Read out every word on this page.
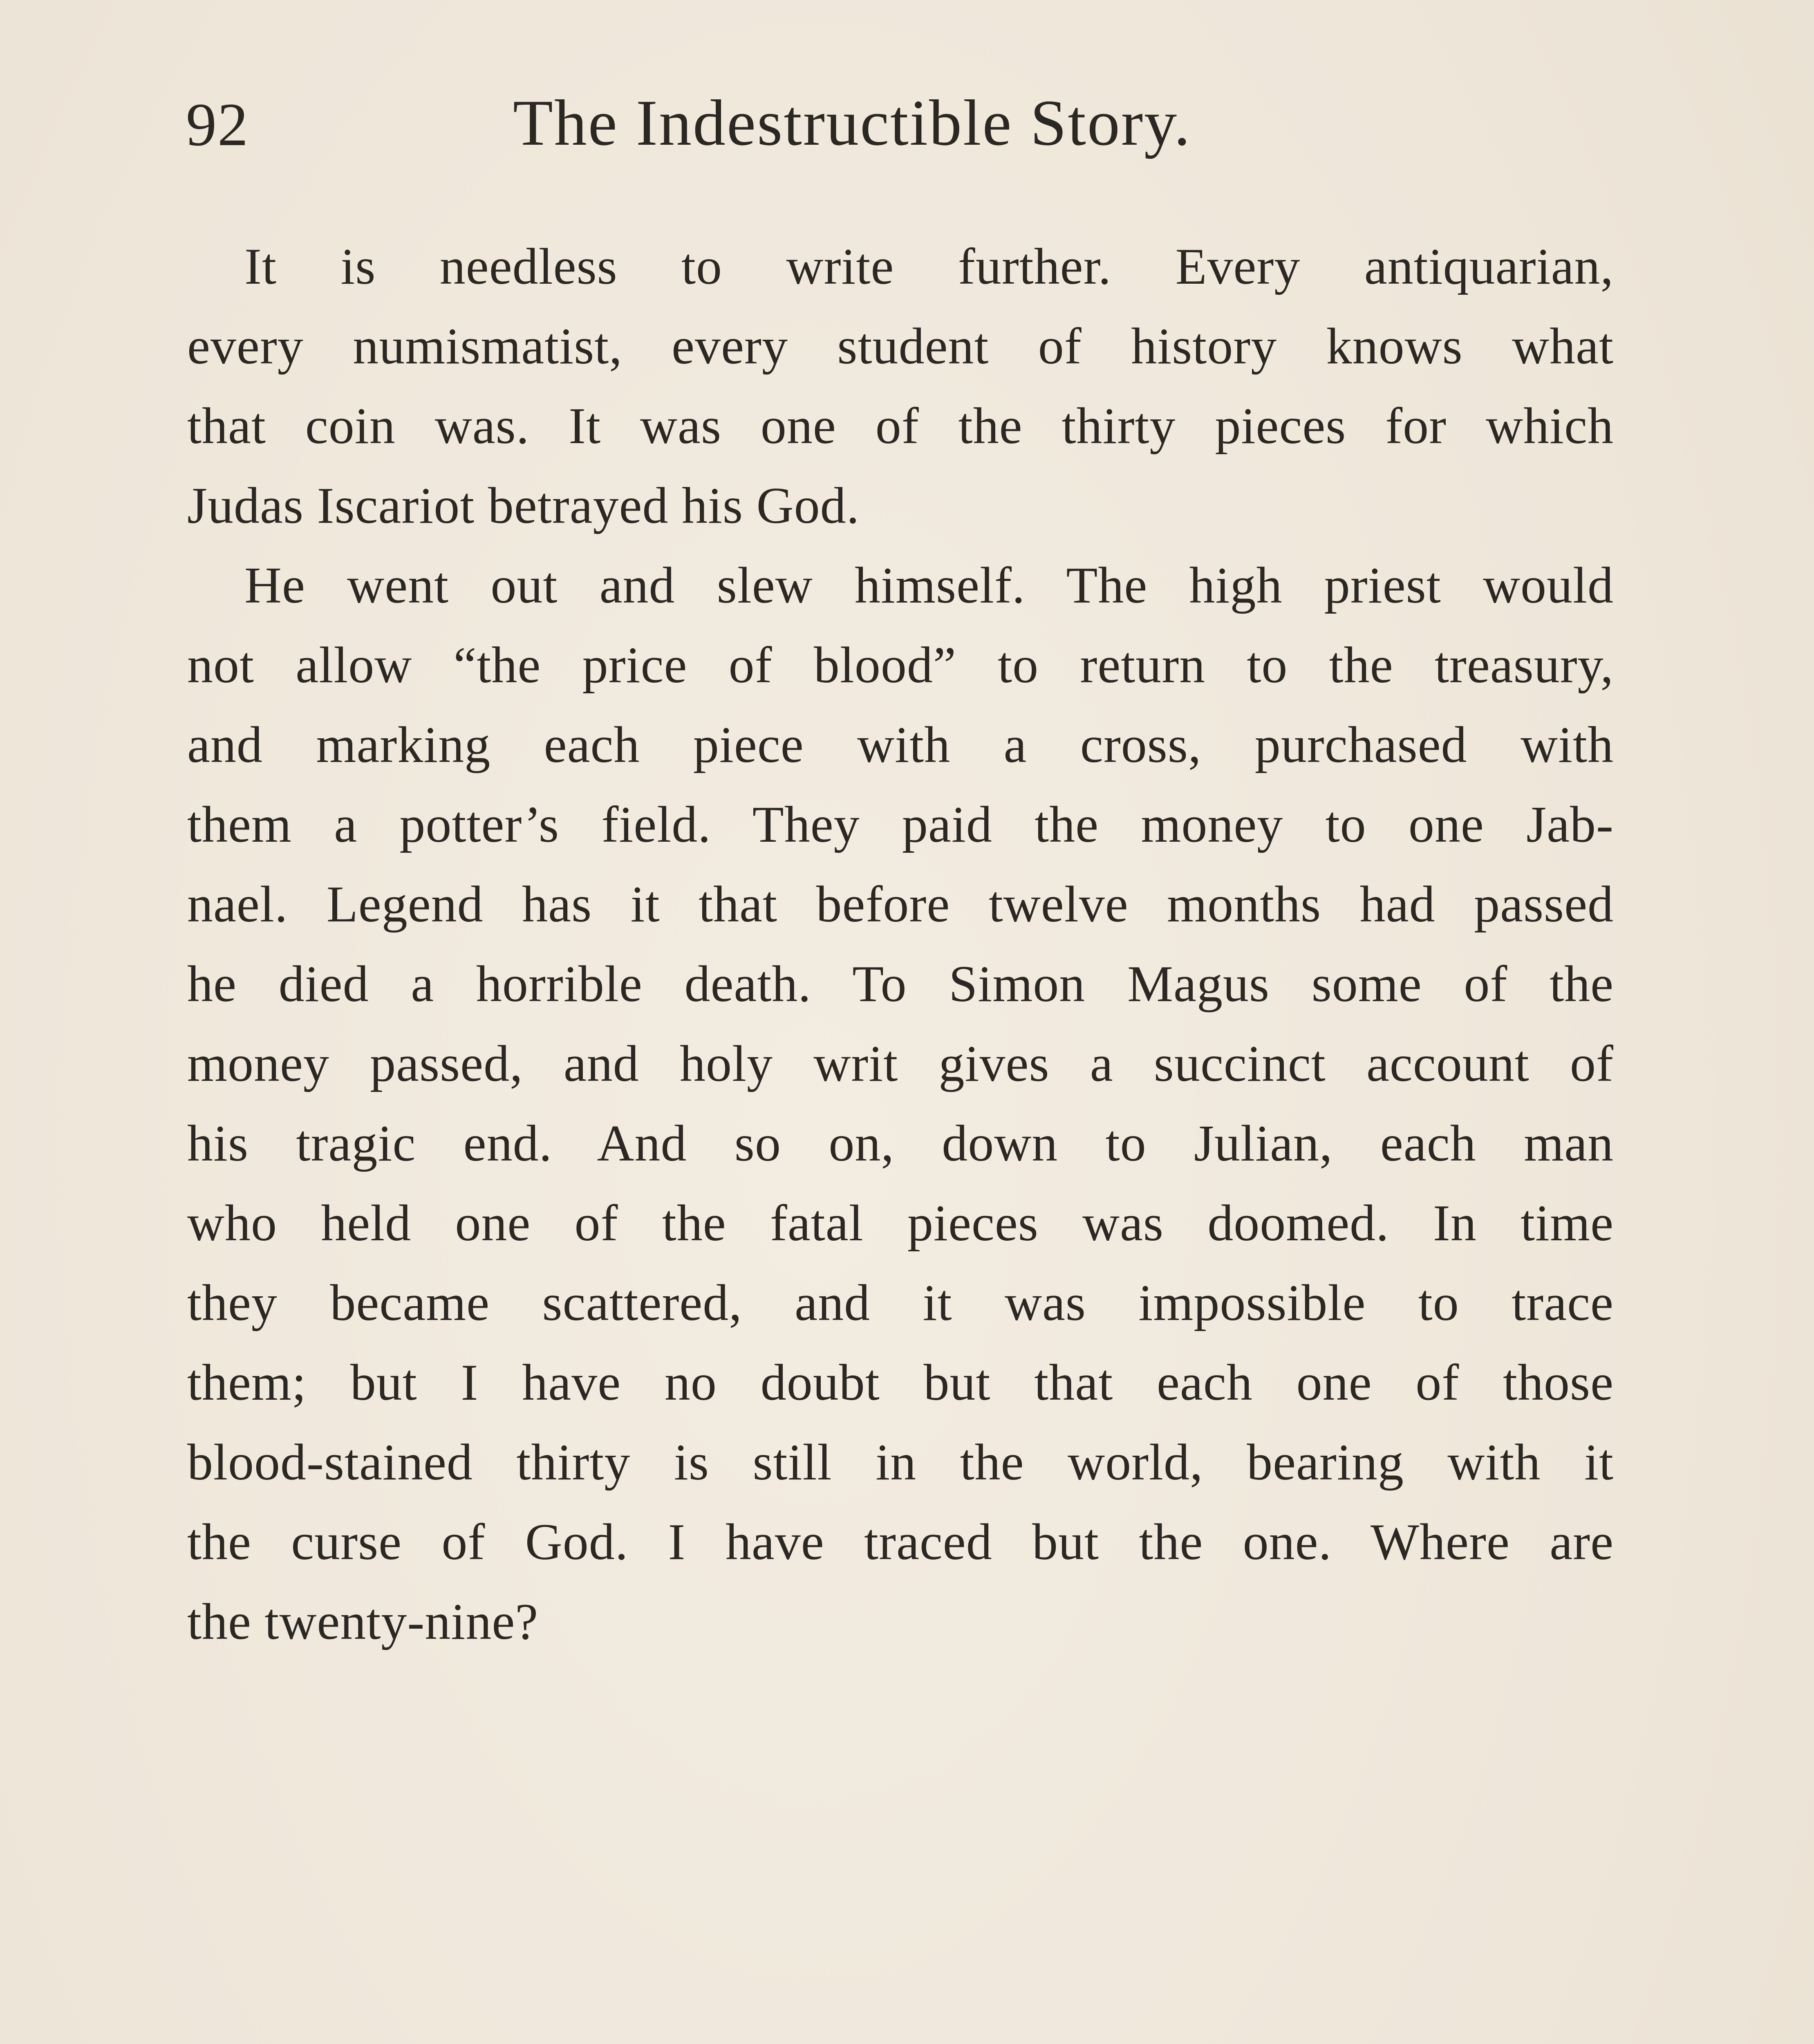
92	The Indestructible Story.
It is needless to write further. Every antiquarian,
every numismatist, every student of history knows what
that coin was. It was one of the thirty pieces for which
Judas Iscariot betrayed his God.
He went out and slew himself. The high priest would
not allow “the price of blood” to return to the treasury,
and marking each piece with a cross, purchased with
them a potter’s field. They paid the money to one Jab-
nael. Legend has it that before twelve months had passed
he died a horrible death. To Simon Magus some of the
money passed, and holy writ gives a succinct account of
his tragic end. And so on, down to Julian, each man
who held one of the fatal pieces was doomed. In time
they became scattered, and it was impossible to trace
them; but I have no doubt but that each one of those
blood-stained thirty is still in the world, bearing with it
the curse of God. I have traced but the one. Where are
the twenty-nine?
